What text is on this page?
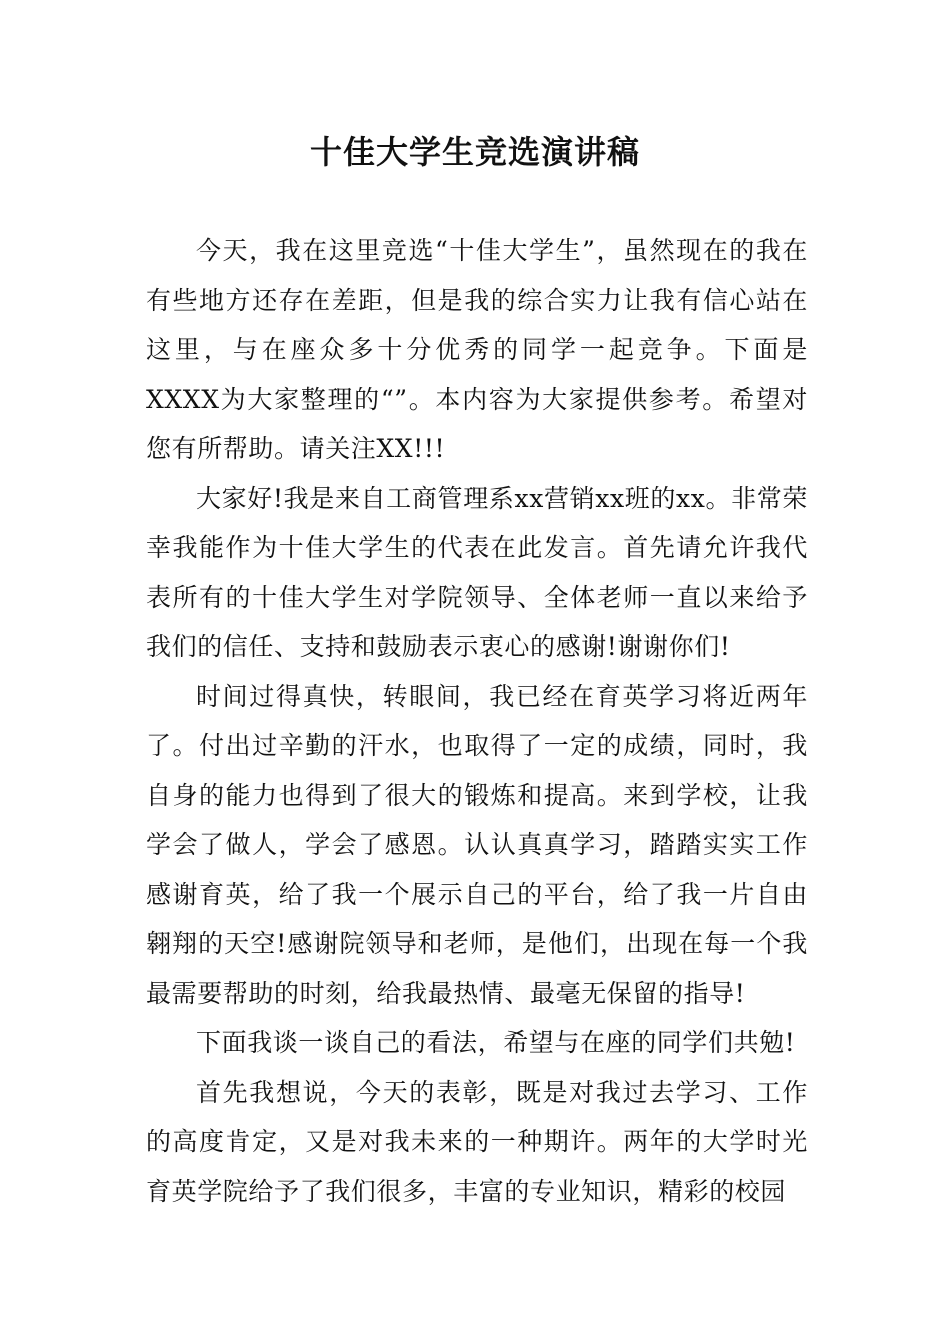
十佳大学生竞选演讲稿

今天，我在这里竞选“十佳大学生”，虽然现在的我在有些地方还存在差距，但是我的综合实力让我有信心站在这里，与在座众多十分优秀的同学一起竞争。下面是XXXX为大家整理的“”。本内容为大家提供参考。希望对您有所帮助。请关注XX!!!

大家好!我是来自工商管理系xx营销xx班的xx。非常荣幸我能作为十佳大学生的代表在此发言。首先请允许我代表所有的十佳大学生对学院领导、全体老师一直以来给予我们的信任、支持和鼓励表示衷心的感谢!谢谢你们!

时间过得真快，转眼间，我已经在育英学习将近两年了。付出过辛勤的汗水，也取得了一定的成绩，同时，我自身的能力也得到了很大的锻炼和提高。来到学校，让我学会了做人，学会了感恩。认认真真学习，踏踏实实工作感谢育英，给了我一个展示自己的平台，给了我一片自由翱翔的天空!感谢院领导和老师，是他们，出现在每一个我最需要帮助的时刻，给我最热情、最毫无保留的指导!

下面我谈一谈自己的看法，希望与在座的同学们共勉!

首先我想说，今天的表彰，既是对我过去学习、工作的高度肯定，又是对我未来的一种期许。两年的大学时光育英学院给予了我们很多，丰富的专业知识，精彩的校园
